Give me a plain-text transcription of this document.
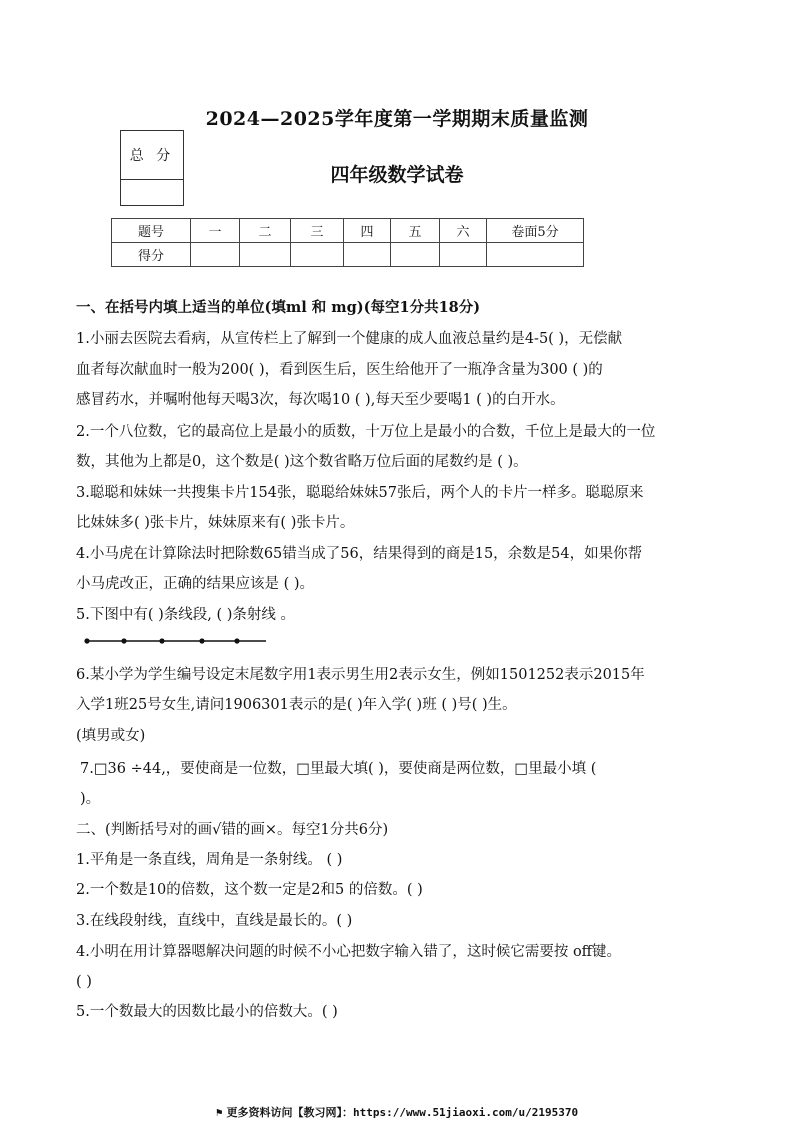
2024—2025学年度第一学期期末质量监测
总 分
四年级数学试卷
题号	一	二	三	四	五	六	卷面5分
得分							
一、在括号内填上适当的单位(填ml 和 mg)(每空1分共18分)
1.小丽去医院去看病，从宣传栏上了解到一个健康的成人血液总量约是4-5( )，无偿献
血者每次献血时一般为200( )，看到医生后，医生给他开了一瓶净含量为300 ( )的
感冒药水，并嘱咐他每天喝3次，每次喝10 ( ),每天至少要喝1 ( )的白开水。
2.一个八位数，它的最高位上是最小的质数，十万位上是最小的合数，千位上是最大的一位
数，其他为上都是0，这个数是( )这个数省略万位后面的尾数约是 ( )。
3.聪聪和妹妹一共搜集卡片154张，聪聪给妹妹57张后，两个人的卡片一样多。聪聪原来
比妹妹多( )张卡片，妹妹原来有( )张卡片。
4.小马虎在计算除法时把除数65错当成了56，结果得到的商是15，余数是54，如果你帮
小马虎改正，正确的结果应该是 ( )。
5.下图中有( )条线段, ( )条射线 。
6.某小学为学生编号设定末尾数字用1表示男生用2表示女生，例如1501252表示2015年
入学1班25号女生,请问1906301表示的是( )年入学( )班 ( )号( )生。
(填男或女)
7.□36 ÷44,，要使商是一位数，□里最大填( )，要使商是两位数，□里最小填 (
)。
二、(判断括号对的画√错的画×。每空1分共6分)
1.平角是一条直线，周角是一条射线。 ( )
2.一个数是10的倍数，这个数一定是2和5 的倍数。( )
3.在线段射线，直线中，直线是最长的。( )
4.小明在用计算器嗯解决问题的时候不小心把数字输入错了，这时候它需要按 off键。
( )
5.一个数最大的因数比最小的倍数大。( )
⚑ 更多资料访问【教习网】：https://www.51jiaoxi.com/u/2195370
